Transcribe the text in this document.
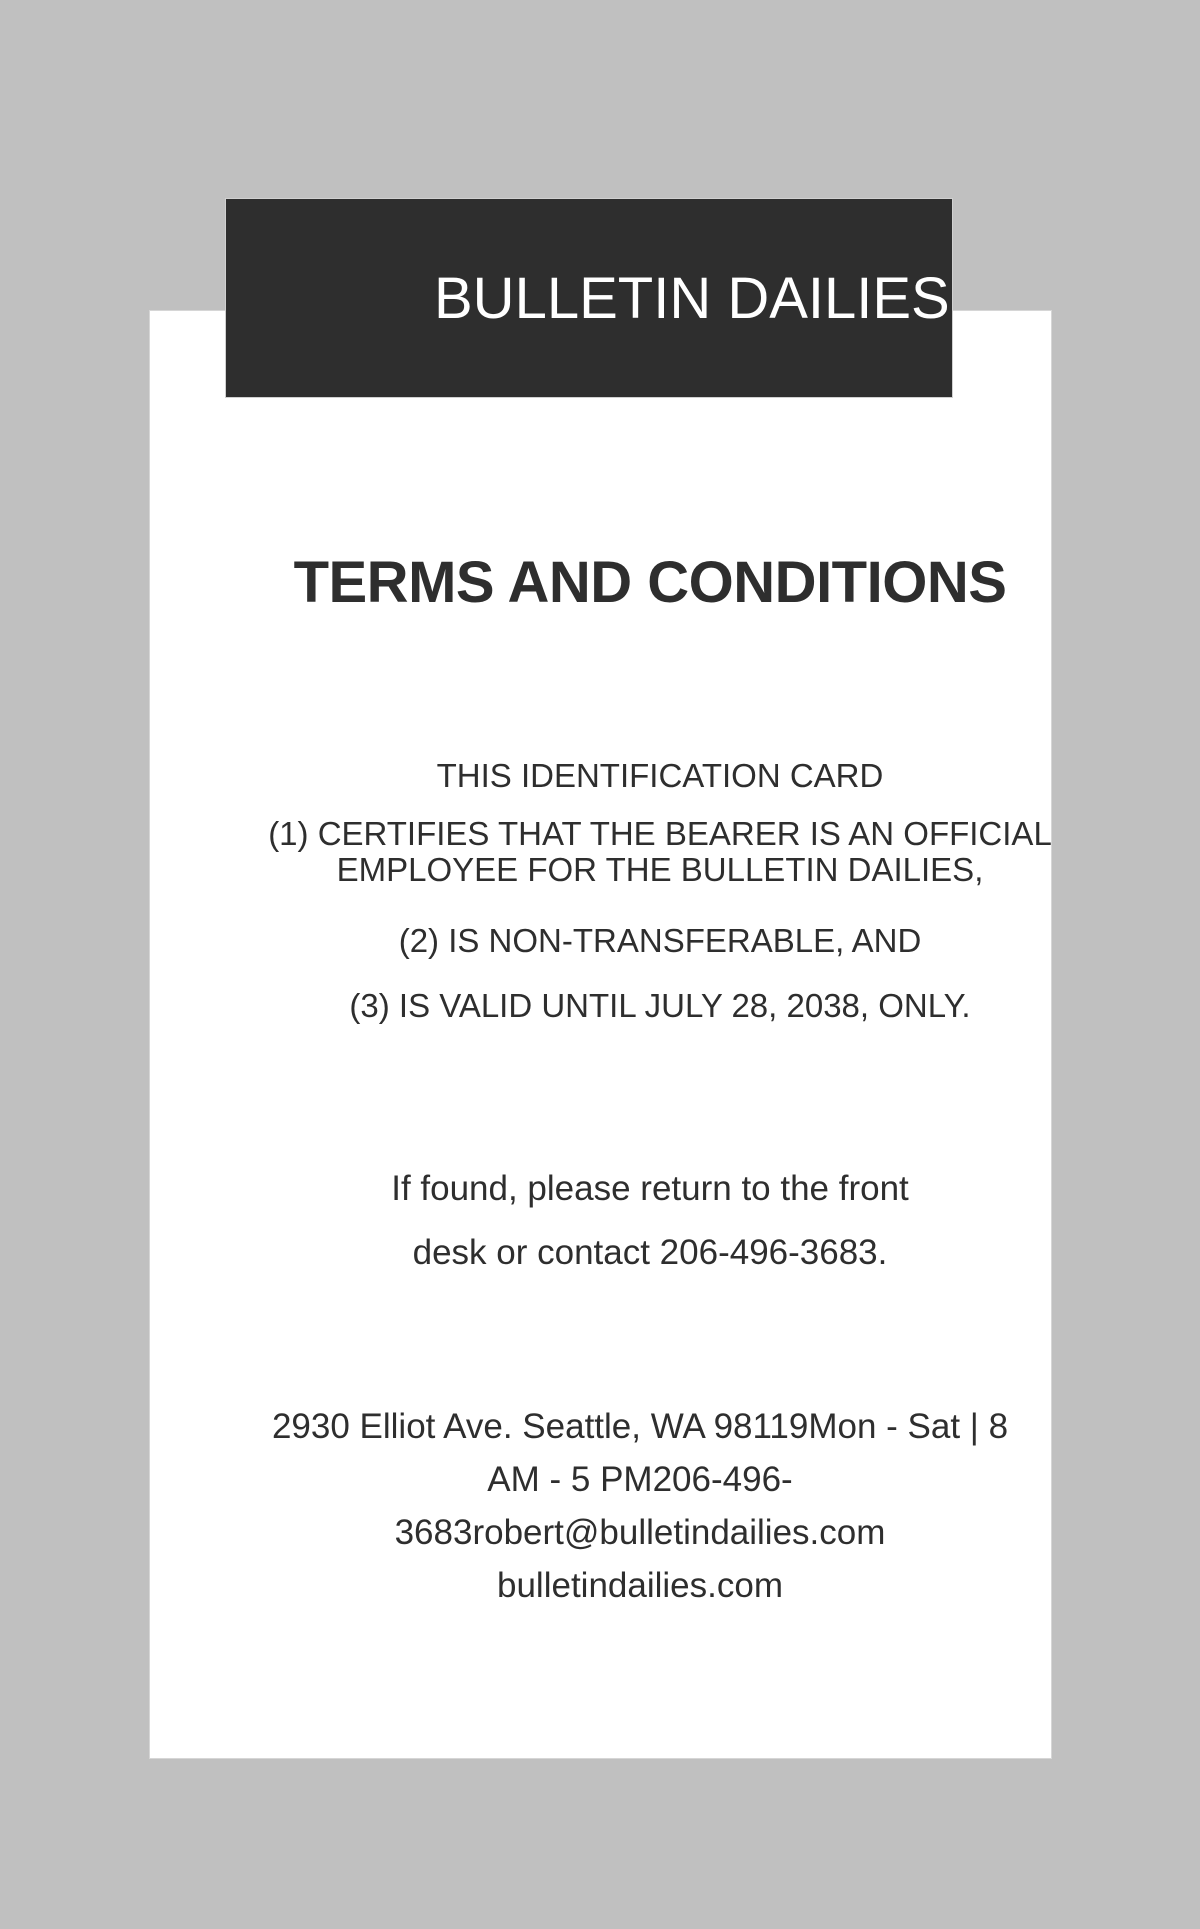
BULLETIN DAILIES
TERMS AND CONDITIONS
THIS IDENTIFICATION CARD
(1) CERTIFIES THAT THE BEARER IS AN OFFICIAL
EMPLOYEE FOR THE BULLETIN DAILIES,
(2) IS NON-TRANSFERABLE, AND
(3) IS VALID UNTIL JULY 28, 2038, ONLY.
If found, please return to the front
desk or contact 206-496-3683.
2930 Elliot Ave. Seattle, WA 98119Mon - Sat | 8
AM - 5 PM206-496-
3683robert@bulletindailies.com
bulletindailies.com
